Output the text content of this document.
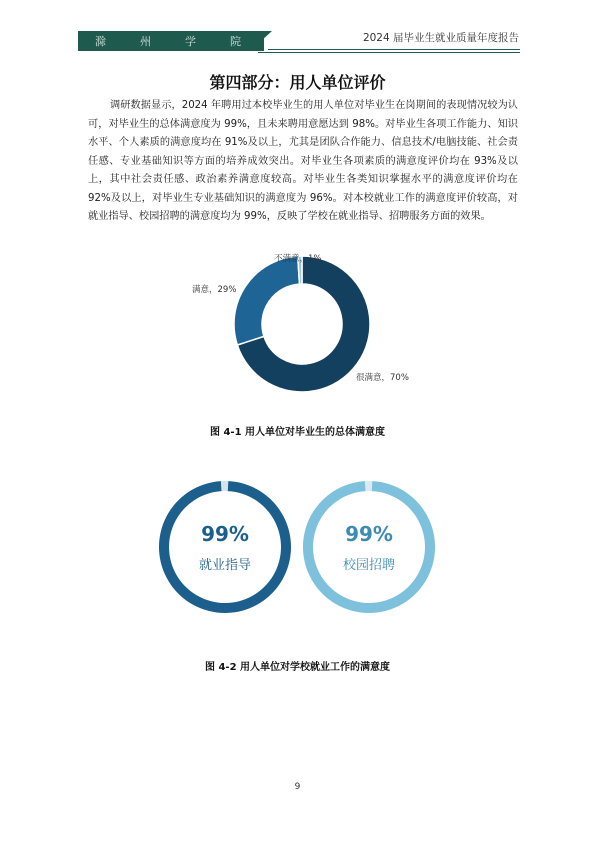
滁	州	学	院	2024 届毕业生就业质量年度报告
第四部分：用人单位评价
调研数据显示，2024 年聘用过本校毕业生的用人单位对毕业生在岗期间的表现情况较为认可，对毕业生的总体满意度为 99%，且未来聘用意愿达到 98%。对毕业生各项工作能力、知识水平、个人素质的满意度均在 91%及以上，尤其是团队合作能力、信息技术/电脑技能、社会责任感、专业基础知识等方面的培养成效突出。对毕业生各项素质的满意度评价均在 93%及以上，其中社会责任感、政治素养满意度较高。对毕业生各类知识掌握水平的满意度评价均在 92%及以上，对毕业生专业基础知识的满意度为 96%。对本校就业工作的满意度评价较高，对就业指导、校园招聘的满意度均为 99%，反映了学校在就业指导、招聘服务方面的效果。
很满意，70%
满意，29%
不满意，1%
图 4-1 用人单位对毕业生的总体满意度
99%
就业指导
99%
校园招聘
图 4-2 用人单位对学校就业工作的满意度
9
